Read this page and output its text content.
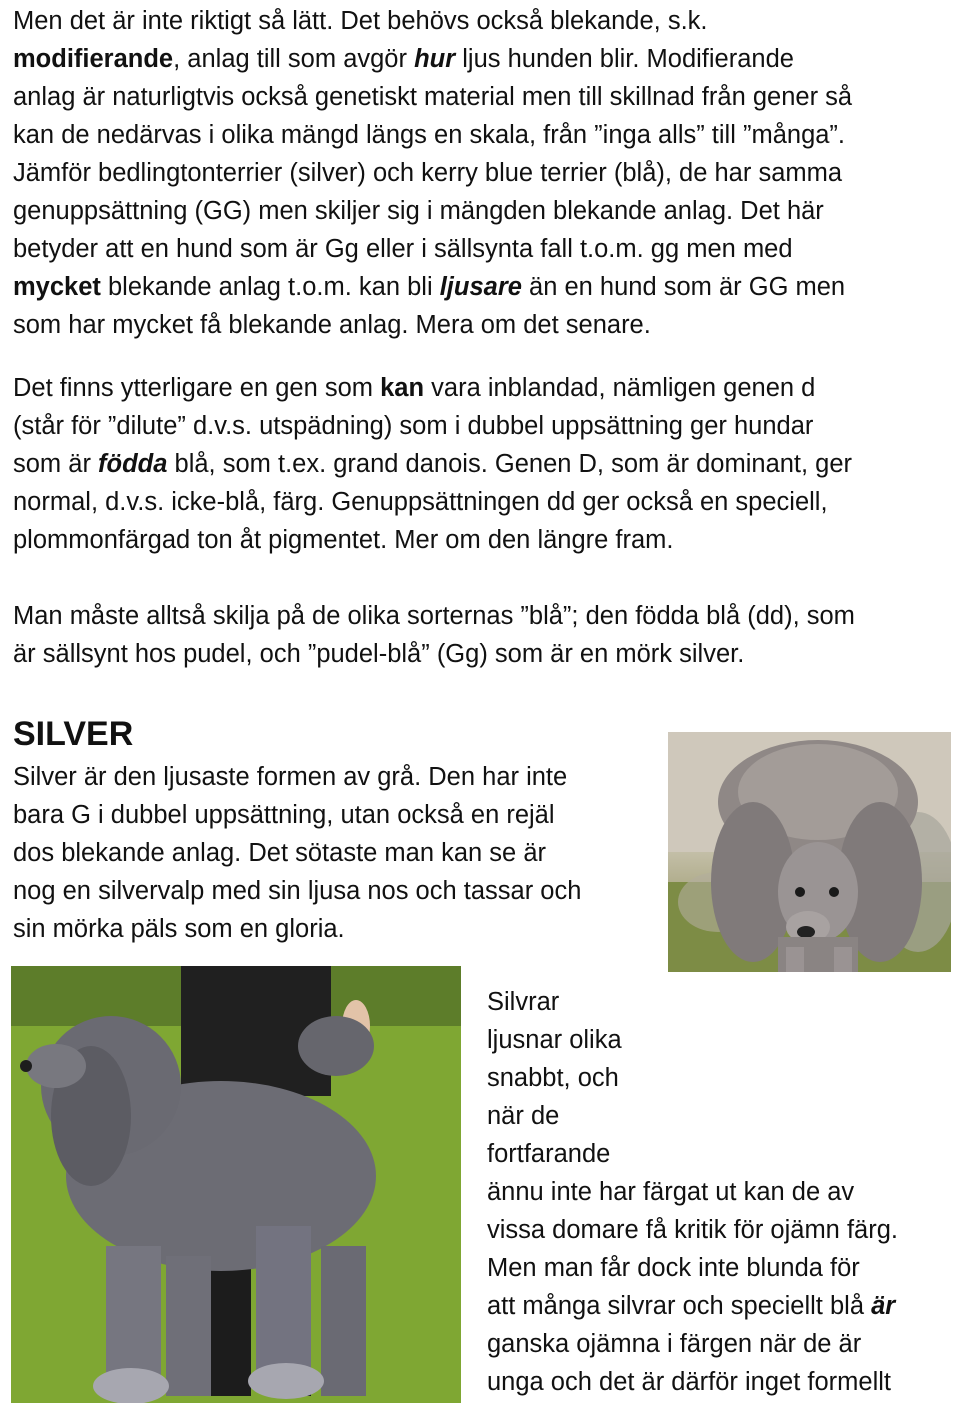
Men det är inte riktigt så lätt. Det behövs också blekande, s.k.
modifierande, anlag till som avgör hur ljus hunden blir. Modifierande
anlag är naturligtvis också genetiskt material men till skillnad från gener så
kan de nedärvas i olika mängd längs en skala, från ”inga alls” till ”många”.
Jämför bedlingtonterrier (silver) och kerry blue terrier (blå), de har samma
genuppsättning (GG) men skiljer sig i mängden blekande anlag. Det här
betyder att en hund som är Gg eller i sällsynta fall t.o.m. gg men med
mycket blekande anlag t.o.m. kan bli ljusare än en hund som är GG men
som har mycket få blekande anlag. Mera om det senare.
Det finns ytterligare en gen som kan vara inblandad, nämligen genen d
(står för ”dilute” d.v.s. utspädning) som i dubbel uppsättning ger hundar
som är födda blå, som t.ex. grand danois. Genen D, som är dominant, ger
normal, d.v.s. icke-blå, färg. Genuppsättningen dd ger också en speciell,
plommonfärgad ton åt pigmentet. Mer om den längre fram.
Man måste alltså skilja på de olika sorternas ”blå”; den födda blå (dd), som
är sällsynt hos pudel, och ”pudel-blå” (Gg) som är en mörk silver.
SILVER
Silver är den ljusaste formen av grå. Den har inte
bara G i dubbel uppsättning, utan också en rejäl
dos blekande anlag. Det sötaste man kan se är
nog en silvervalp med sin ljusa nos och tassar och
sin mörka päls som en gloria.
Silvrar
ljusnar olika
snabbt, och
när de
fortfarande
ännu inte har färgat ut kan de av
vissa domare få kritik för ojämn färg.
Men man får dock inte blunda för
att många silvrar och speciellt blå är
ganska ojämna i färgen när de är
unga och det är därför inget formellt
